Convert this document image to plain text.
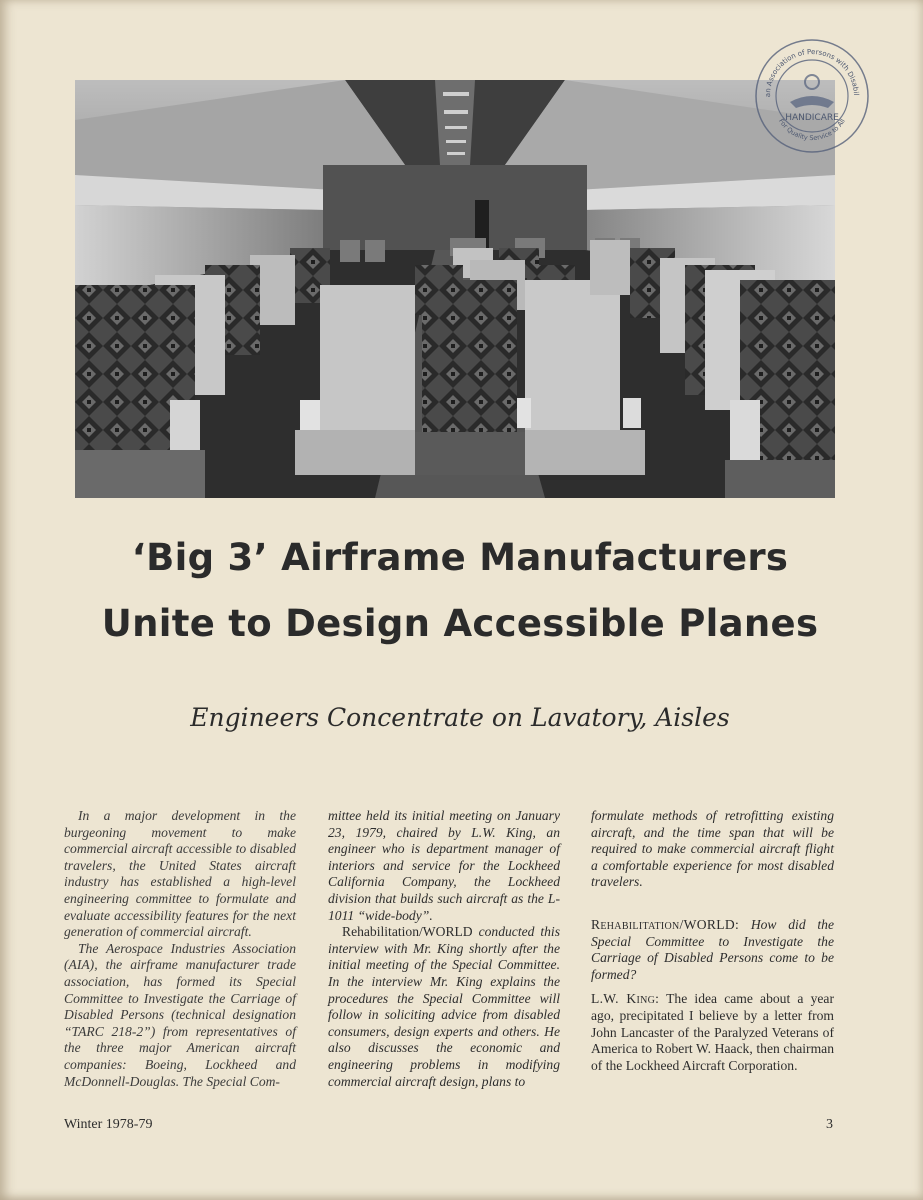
an Association of Persons with Disabil
For Quality Service to All
HANDICARE
‘Big 3’ Airframe Manufacturers
Unite to Design Accessible Planes
Engineers Concentrate on Lavatory, Aisles

In a major development in the burgeoning movement to make commercial aircraft accessible to disabled travelers, the United States aircraft industry has established a high-level engineering committee to formulate and evaluate accessibility features for the next generation of commercial aircraft.

The Aerospace Industries Association (AIA), the airframe manufacturer trade association, has formed its Special Committee to Investigate the Carriage of Disabled Persons (technical designation “TARC 218-2”) from representatives of the three major American aircraft companies: Boeing, Lockheed and McDonnell-Douglas. The Special Com-

mittee held its initial meeting on January 23, 1979, chaired by L.W. King, an engineer who is department manager of interiors and service for the Lockheed California Company, the Lockheed division that builds such aircraft as the L-1011 “wide-body”.

Rehabilitation/WORLD conducted this interview with Mr. King shortly after the initial meeting of the Special Committee. In the interview Mr. King explains the procedures the Special Committee will follow in soliciting advice from disabled consumers, design experts and others. He also discusses the economic and engineering problems in modifying commercial aircraft design, plans to

formulate methods of retrofitting existing aircraft, and the time span that will be required to make commercial aircraft flight a comfortable experience for most disabled travelers.

Rehabilitation/WORLD: How did the Special Committee to Investigate the Carriage of Disabled Persons come to be formed?

L.W. King: The idea came about a year ago, precipitated I believe by a letter from John Lancaster of the Paralyzed Veterans of America to Robert W. Haack, then chairman of the Lockheed Aircraft Corporation.

Winter 1978-79	3
